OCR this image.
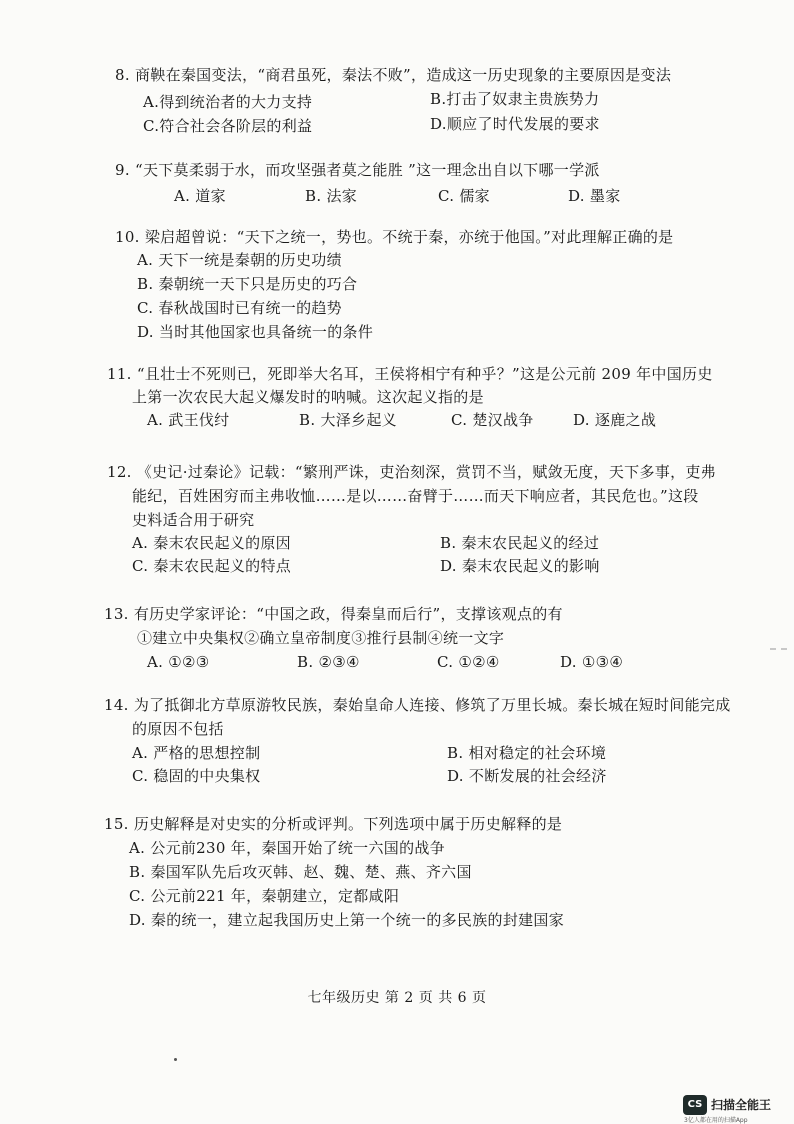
8. 商鞅在秦国变法，“商君虽死，秦法不败”，造成这一历史现象的主要原因是变法
A.得到统治者的大力支持	B.打击了奴隶主贵族势力
C.符合社会各阶层的利益	D.顺应了时代发展的要求
9. “天下莫柔弱于水，而攻坚强者莫之能胜 ”这一理念出自以下哪一学派
A. 道家	B. 法家	C. 儒家	D. 墨家
10. 梁启超曾说：“天下之统一，势也。不统于秦，亦统于他国。”对此理解正确的是
A. 天下一统是秦朝的历史功绩
B. 秦朝统一天下只是历史的巧合
C. 春秋战国时已有统一的趋势
D. 当时其他国家也具备统一的条件
11. “且壮士不死则已，死即举大名耳，王侯将相宁有种乎？”这是公元前 209 年中国历史
上第一次农民大起义爆发时的呐喊。这次起义指的是
A. 武王伐纣	B. 大泽乡起义	C. 楚汉战争	D. 逐鹿之战
12. 《史记·过秦论》记载：“繁刑严诛，吏治刻深，赏罚不当，赋敛无度，天下多事，吏弗
能纪，百姓困穷而主弗收恤……是以……奋臂于……而天下响应者，其民危也。”这段
史料适合用于研究
A. 秦末农民起义的原因	B. 秦末农民起义的经过
C. 秦末农民起义的特点	D. 秦末农民起义的影响
13. 有历史学家评论：“中国之政，得秦皇而后行”，支撑该观点的有
①建立中央集权②确立皇帝制度③推行县制④统一文字
A. ①②③	B. ②③④	C. ①②④	D. ①③④
14. 为了抵御北方草原游牧民族，秦始皇命人连接、修筑了万里长城。秦长城在短时间能完成
的原因不包括
A. 严格的思想控制	B. 相对稳定的社会环境
C. 稳固的中央集权	D. 不断发展的社会经济
15. 历史解释是对史实的分析或评判。下列选项中属于历史解释的是
A. 公元前230 年，秦国开始了统一六国的战争
B. 秦国军队先后攻灭韩、赵、魏、楚、燕、齐六国
C. 公元前221 年，秦朝建立，定都咸阳
D. 秦的统一，建立起我国历史上第一个统一的多民族的封建国家
七年级历史 第 2 页 共 6 页
CS 扫描全能王
3亿人都在用的扫描App
